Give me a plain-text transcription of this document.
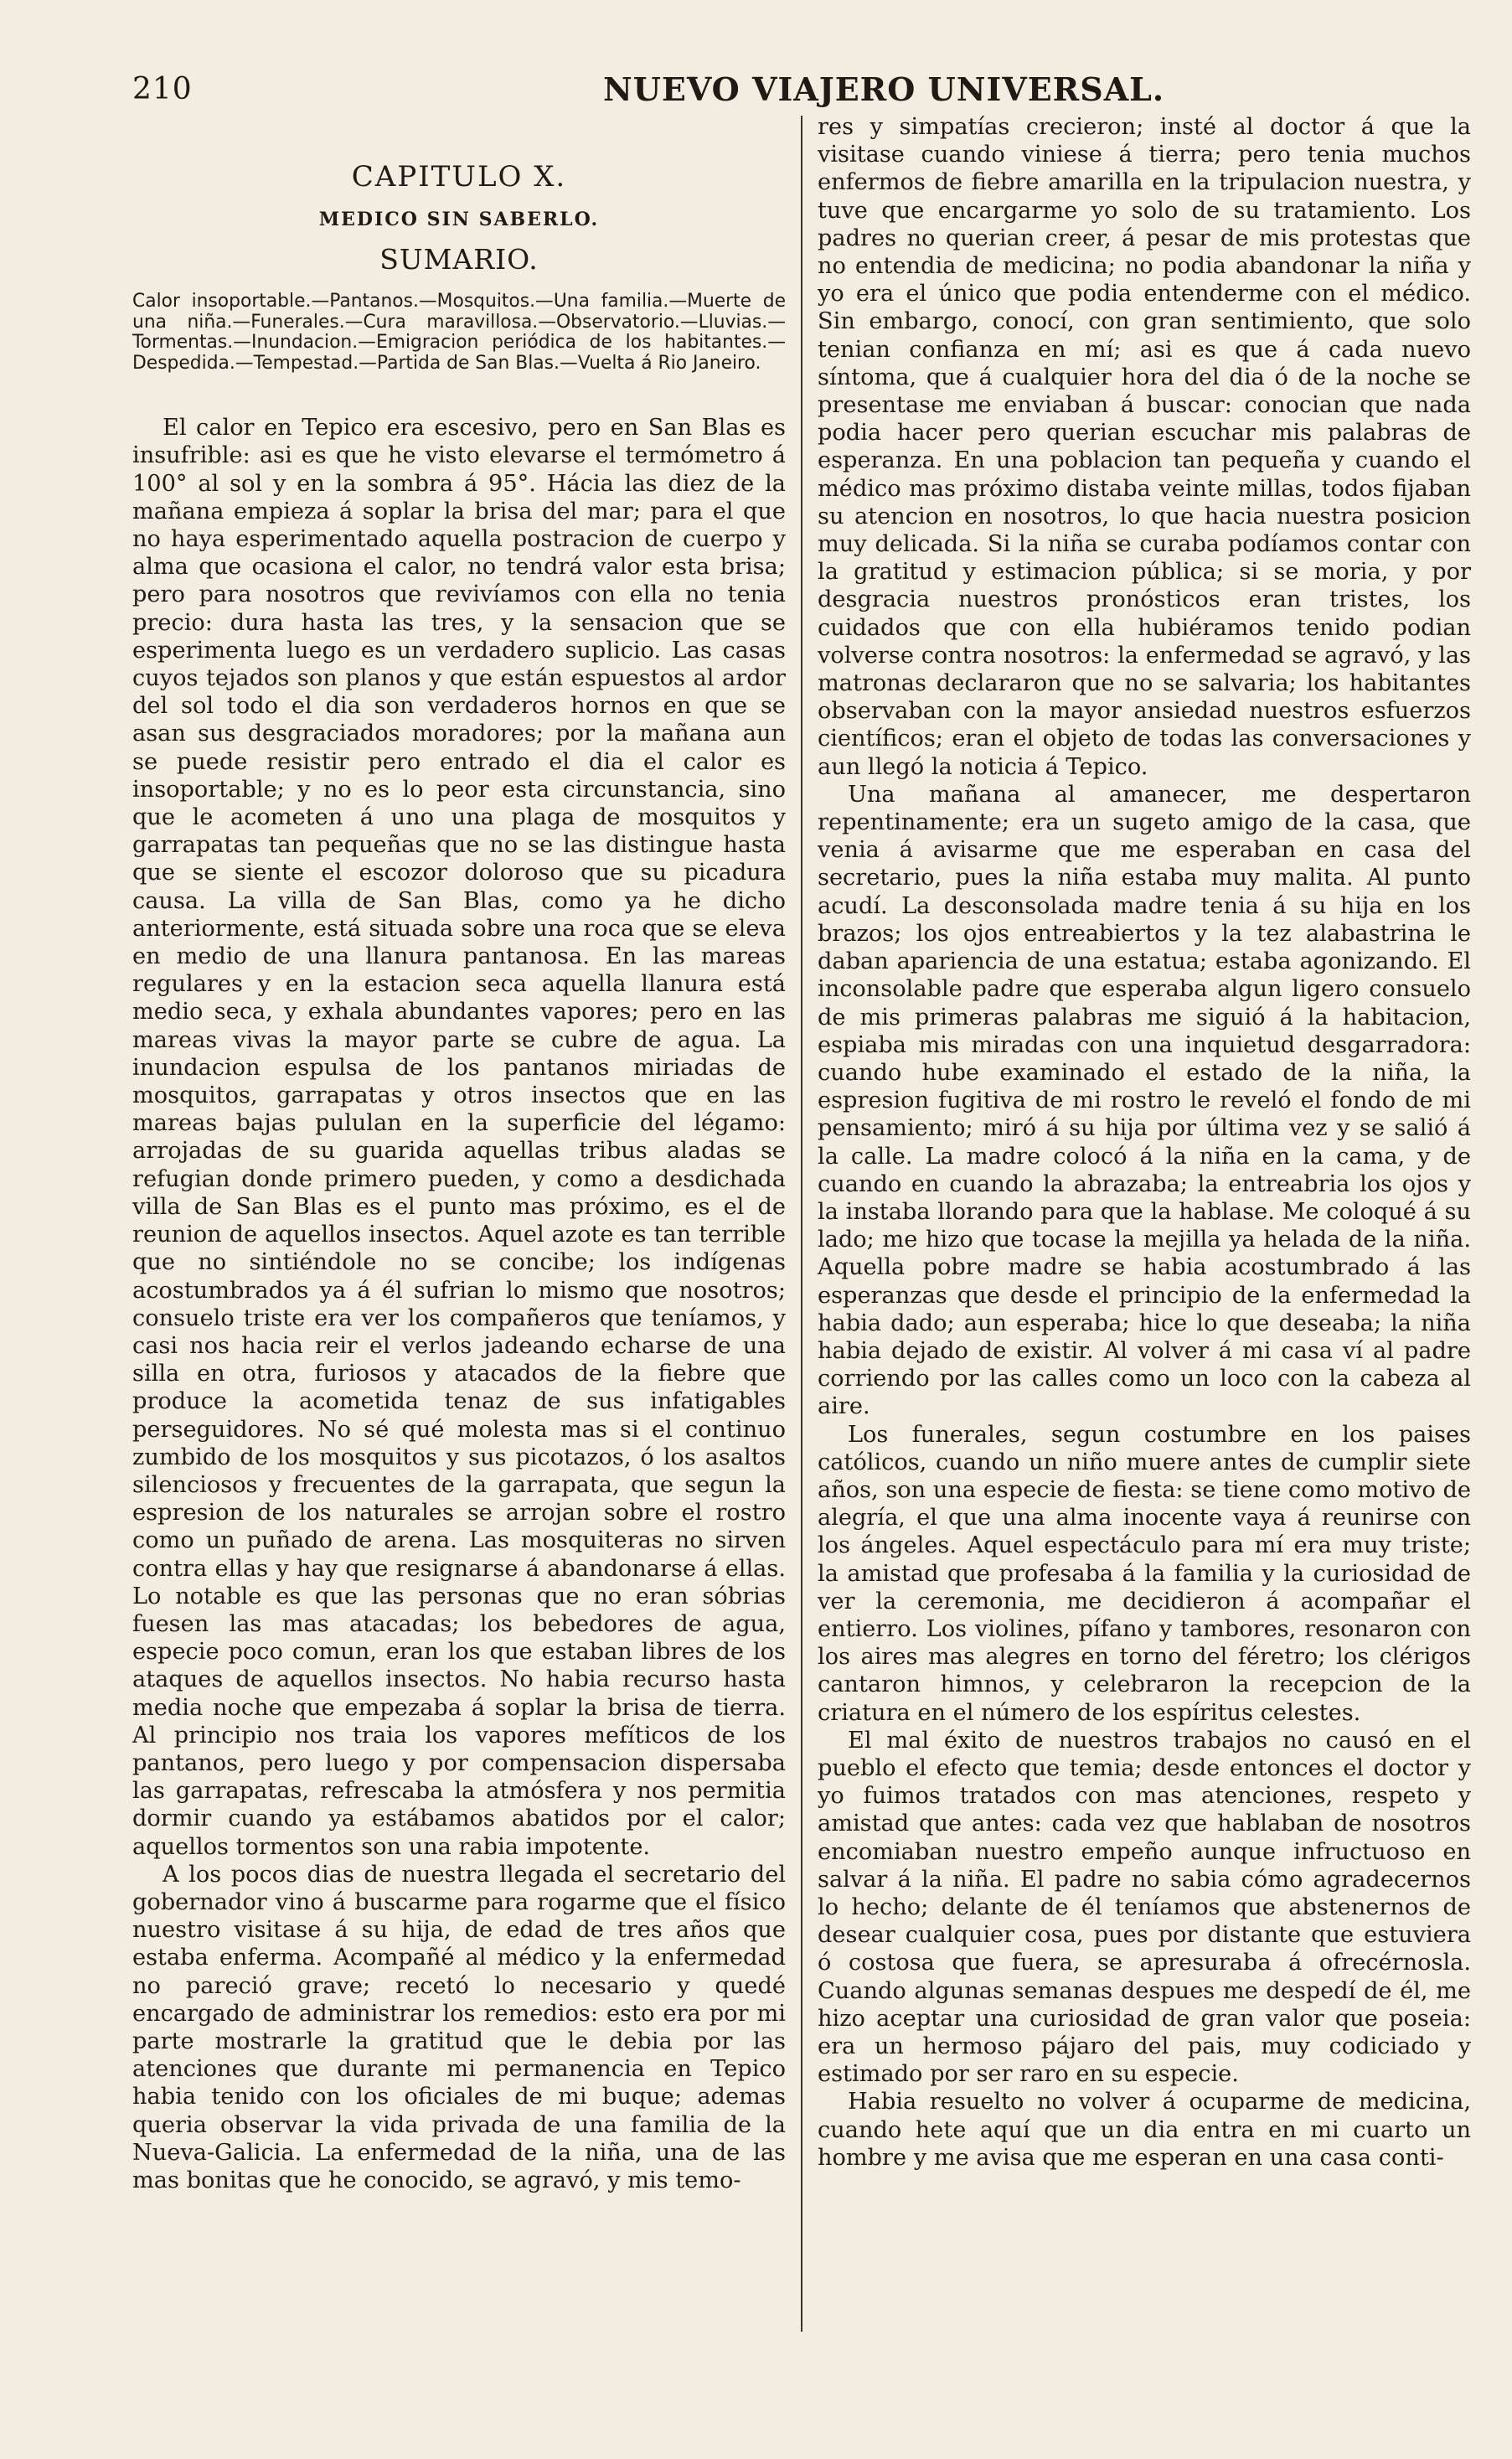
210	NUEVO VIAJERO UNIVERSAL.
CAPITULO X.
MEDICO SIN SABERLO.
SUMARIO.

Calor insoportable.—Pantanos.—Mosquitos.—Una familia.—Muerte de una niña.—Funerales.—Cura maravillosa.—Observatorio.—Lluvias.—Tormentas.—Inundacion.—Emigracion periódica de los habitantes.—Despedida.—Tempestad.—Partida de San Blas.—Vuelta á Rio Janeiro.

El calor en Tepico era escesivo, pero en San Blas es insufrible: asi es que he visto elevarse el termómetro á 100° al sol y en la sombra á 95°. Hácia las diez de la mañana empieza á soplar la brisa del mar; para el que no haya esperimentado aquella postracion de cuerpo y alma que ocasiona el calor, no tendrá valor esta brisa; pero para nosotros que revivíamos con ella no tenia precio: dura hasta las tres, y la sensacion que se esperimenta luego es un verdadero suplicio. Las casas cuyos tejados son planos y que están espuestos al ardor del sol todo el dia son verdaderos hornos en que se asan sus desgraciados moradores; por la mañana aun se puede resistir pero entrado el dia el calor es insoportable; y no es lo peor esta circunstancia, sino que le acometen á uno una plaga de mosquitos y garrapatas tan pequeñas que no se las distingue hasta que se siente el escozor doloroso que su picadura causa. La villa de San Blas, como ya he dicho anteriormente, está situada sobre una roca que se eleva en medio de una llanura pantanosa. En las mareas regulares y en la estacion seca aquella llanura está medio seca, y exhala abundantes vapores; pero en las mareas vivas la mayor parte se cubre de agua. La inundacion espulsa de los pantanos miriadas de mosquitos, garrapatas y otros insectos que en las mareas bajas pululan en la superficie del légamo: arrojadas de su guarida aquellas tribus aladas se refugian donde primero pueden, y como a desdichada villa de San Blas es el punto mas próximo, es el de reunion de aquellos insectos. Aquel azote es tan terrible que no sintiéndole no se concibe; los indígenas acostumbrados ya á él sufrian lo mismo que nosotros; consuelo triste era ver los compañeros que teníamos, y casi nos hacia reir el verlos jadeando echarse de una silla en otra, furiosos y atacados de la fiebre que produce la acometida tenaz de sus infatigables perseguidores. No sé qué molesta mas si el continuo zumbido de los mosquitos y sus picotazos, ó los asaltos silenciosos y frecuentes de la garrapata, que segun la espresion de los naturales se arrojan sobre el rostro como un puñado de arena. Las mosquiteras no sirven contra ellas y hay que resignarse á abandonarse á ellas. Lo notable es que las personas que no eran sóbrias fuesen las mas atacadas; los bebedores de agua, especie poco comun, eran los que estaban libres de los ataques de aquellos insectos. No habia recurso hasta media noche que empezaba á soplar la brisa de tierra. Al principio nos traia los vapores mefíticos de los pantanos, pero luego y por compensacion dispersaba las garrapatas, refrescaba la atmósfera y nos permitia dormir cuando ya estábamos abatidos por el calor; aquellos tormentos son una rabia impotente.

A los pocos dias de nuestra llegada el secretario del gobernador vino á buscarme para rogarme que el físico nuestro visitase á su hija, de edad de tres años que estaba enferma. Acompañé al médico y la enfermedad no pareció grave; recetó lo necesario y quedé encargado de administrar los remedios: esto era por mi parte mostrarle la gratitud que le debia por las atenciones que durante mi permanencia en Tepico habia tenido con los oficiales de mi buque; ademas queria observar la vida privada de una familia de la Nueva-Galicia. La enfermedad de la niña, una de las mas bonitas que he conocido, se agravó, y mis temo-

res y simpatías crecieron; insté al doctor á que la visitase cuando viniese á tierra; pero tenia muchos enfermos de fiebre amarilla en la tripulacion nuestra, y tuve que encargarme yo solo de su tratamiento. Los padres no querian creer, á pesar de mis protestas que no entendia de medicina; no podia abandonar la niña y yo era el único que podia entenderme con el médico. Sin embargo, conocí, con gran sentimiento, que solo tenian confianza en mí; asi es que á cada nuevo síntoma, que á cualquier hora del dia ó de la noche se presentase me enviaban á buscar: conocian que nada podia hacer pero querian escuchar mis palabras de esperanza. En una poblacion tan pequeña y cuando el médico mas próximo distaba veinte millas, todos fijaban su atencion en nosotros, lo que hacia nuestra posicion muy delicada. Si la niña se curaba podíamos contar con la gratitud y estimacion pública; si se moria, y por desgracia nuestros pronósticos eran tristes, los cuidados que con ella hubiéramos tenido podian volverse contra nosotros: la enfermedad se agravó, y las matronas declararon que no se salvaria; los habitantes observaban con la mayor ansiedad nuestros esfuerzos científicos; eran el objeto de todas las conversaciones y aun llegó la noticia á Tepico.

Una mañana al amanecer, me despertaron repentinamente; era un sugeto amigo de la casa, que venia á avisarme que me esperaban en casa del secretario, pues la niña estaba muy malita. Al punto acudí. La desconsolada madre tenia á su hija en los brazos; los ojos entreabiertos y la tez alabastrina le daban apariencia de una estatua; estaba agonizando. El inconsolable padre que esperaba algun ligero consuelo de mis primeras palabras me siguió á la habitacion, espiaba mis miradas con una inquietud desgarradora: cuando hube examinado el estado de la niña, la espresion fugitiva de mi rostro le reveló el fondo de mi pensamiento; miró á su hija por última vez y se salió á la calle. La madre colocó á la niña en la cama, y de cuando en cuando la abrazaba; la entreabria los ojos y la instaba llorando para que la hablase. Me coloqué á su lado; me hizo que tocase la mejilla ya helada de la niña. Aquella pobre madre se habia acostumbrado á las esperanzas que desde el principio de la enfermedad la habia dado; aun esperaba; hice lo que deseaba; la niña habia dejado de existir. Al volver á mi casa ví al padre corriendo por las calles como un loco con la cabeza al aire.

Los funerales, segun costumbre en los paises católicos, cuando un niño muere antes de cumplir siete años, son una especie de fiesta: se tiene como motivo de alegría, el que una alma inocente vaya á reunirse con los ángeles. Aquel espectáculo para mí era muy triste; la amistad que profesaba á la familia y la curiosidad de ver la ceremonia, me decidieron á acompañar el entierro. Los violines, pífano y tambores, resonaron con los aires mas alegres en torno del féretro; los clérigos cantaron himnos, y celebraron la recepcion de la criatura en el número de los espíritus celestes.

El mal éxito de nuestros trabajos no causó en el pueblo el efecto que temia; desde entonces el doctor y yo fuimos tratados con mas atenciones, respeto y amistad que antes: cada vez que hablaban de nosotros encomiaban nuestro empeño aunque infructuoso en salvar á la niña. El padre no sabia cómo agradecernos lo hecho; delante de él teníamos que abstenernos de desear cualquier cosa, pues por distante que estuviera ó costosa que fuera, se apresuraba á ofrecérnosla. Cuando algunas semanas despues me despedí de él, me hizo aceptar una curiosidad de gran valor que poseia: era un hermoso pájaro del pais, muy codiciado y estimado por ser raro en su especie.

Habia resuelto no volver á ocuparme de medicina, cuando hete aquí que un dia entra en mi cuarto un hombre y me avisa que me esperan en una casa conti-
